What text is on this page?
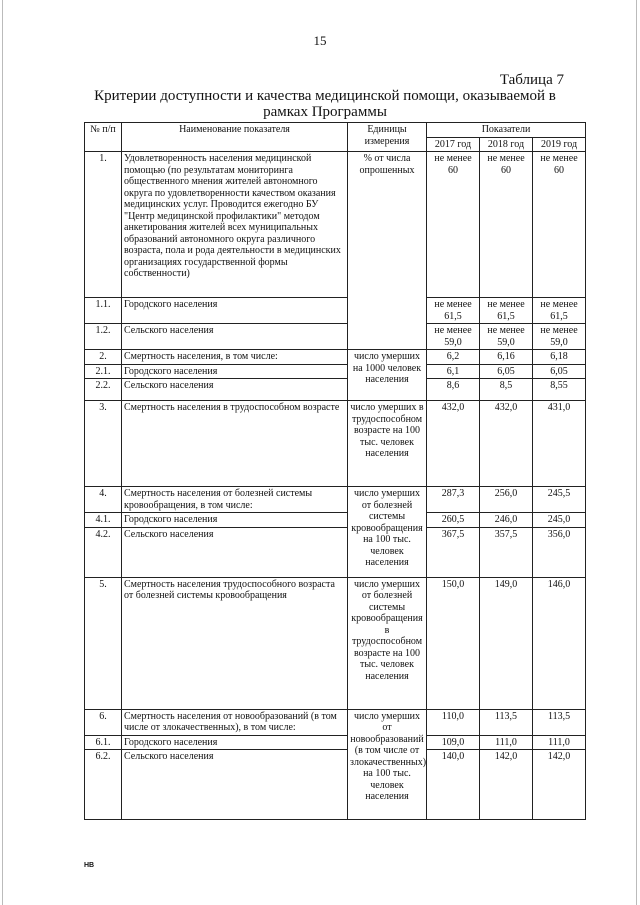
15
Таблица 7
Критерии доступности и качества медицинской помощи, оказываемой в рамках Программы
№ п/п	Наименование показателя	Единицы измерения	Показатели		
			2017 год	2018 год	2019 год
1.	Удовлетворенность населения медицинской помощью (по результатам мониторинга общественного мнения жителей автономного округа по удовлетворенности качеством оказания медицинских услуг. Проводится ежегодно БУ "Центр медицинской профилактики" методом анкетирования жителей всех муниципальных образований автономного округа различного возраста, пола и рода деятельности в медицинских организациях государственной формы собственности)	% от числа опрошенных	не менее 60	не менее 60	не менее 60
1.1.	Городского населения		не менее 61,5	не менее 61,5	не менее 61,5
1.2.	Сельского населения		не менее 59,0	не менее 59,0	не менее 59,0
2.	Смертность населения, в том числе:	число умерших на 1000 человек населения	6,2	6,16	6,18
2.1.	Городского населения		6,1	6,05	6,05
2.2.	Сельского населения		8,6	8,5	8,55
3.	Смертность населения в трудоспособном возрасте	число умерших в трудоспособном возрасте на 100 тыс. человек населения	432,0	432,0	431,0
4.	Смертность населения от болезней системы кровообращения, в том числе:	число умерших от болезней системы кровообращения на 100 тыс. человек населения	287,3	256,0	245,5
4.1.	Городского населения		260,5	246,0	245,0
4.2.	Сельского населения		367,5	357,5	356,0
5.	Смертность населения трудоспособного возраста от болезней системы кровообращения	число умерших от болезней системы кровообращения в трудоспособном возрасте на 100 тыс. человек населения	150,0	149,0	146,0
6.	Смертность населения от новообразований (в том числе от злокачественных), в том числе:	число умерших от новообразований (в том числе от злокачественных) на 100 тыс. человек населения	110,0	113,5	113,5
6.1.	Городского населения		109,0	111,0	111,0
6.2.	Сельского населения		140,0	142,0	142,0
НВ
